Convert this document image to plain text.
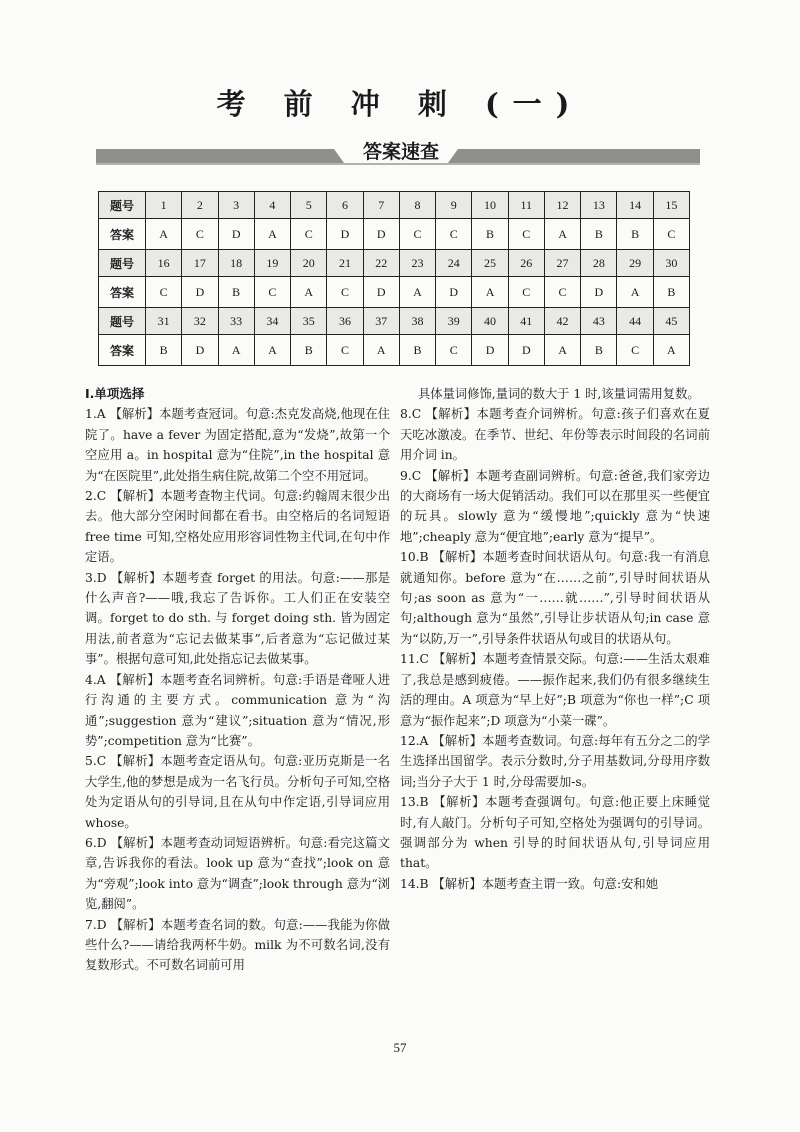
考 前 冲 刺 (一)
答案速查
题号	1	2	3	4	5	6	7	8	9	10	11	12	13	14	15
答案	A	C	D	A	C	D	D	C	C	B	C	A	B	B	C
题号	16	17	18	19	20	21	22	23	24	25	26	27	28	29	30
答案	C	D	B	C	A	C	D	A	D	A	C	C	D	A	B
题号	31	32	33	34	35	36	37	38	39	40	41	42	43	44	45
答案	B	D	A	A	B	C	A	B	C	D	D	A	B	C	A
Ⅰ.单项选择
1.A 【解析】本题考查冠词。句意:杰克发高烧,他现在住院了。have a fever 为固定搭配,意为“发烧”,故第一个空应用 a。in hospital 意为“住院”,in the hospital 意为“在医院里”,此处指生病住院,故第二个空不用冠词。
2.C 【解析】本题考查物主代词。句意:约翰周末很少出去。他大部分空闲时间都在看书。由空格后的名词短语 free time 可知,空格处应用形容词性物主代词,在句中作定语。
3.D 【解析】本题考查 forget 的用法。句意:——那是什么声音?——哦,我忘了告诉你。工人们正在安装空调。forget to do sth. 与 forget doing sth. 皆为固定用法,前者意为“忘记去做某事”,后者意为“忘记做过某事”。根据句意可知,此处指忘记去做某事。
4.A 【解析】本题考查名词辨析。句意:手语是聋哑人进行沟通的主要方式。communication 意为“沟通”;suggestion 意为“建议”;situation 意为“情况,形势”;competition 意为“比赛”。
5.C 【解析】本题考查定语从句。句意:亚历克斯是一名大学生,他的梦想是成为一名飞行员。分析句子可知,空格处为定语从句的引导词,且在从句中作定语,引导词应用 whose。
6.D 【解析】本题考查动词短语辨析。句意:看完这篇文章,告诉我你的看法。look up 意为“查找”;look on 意为“旁观”;look into 意为“调查”;look through 意为“浏览,翻阅”。
7.D 【解析】本题考查名词的数。句意:——我能为你做些什么?——请给我两杯牛奶。milk 为不可数名词,没有复数形式。不可数名词前可用
具体量词修饰,量词的数大于 1 时,该量词需用复数。
8.C 【解析】本题考查介词辨析。句意:孩子们喜欢在夏天吃冰激凌。在季节、世纪、年份等表示时间段的名词前用介词 in。
9.C 【解析】本题考查副词辨析。句意:爸爸,我们家旁边的大商场有一场大促销活动。我们可以在那里买一些便宜的玩具。slowly 意为“缓慢地”;quickly 意为“快速地”;cheaply 意为“便宜地”;early 意为“提早”。
10.B 【解析】本题考查时间状语从句。句意:我一有消息就通知你。before 意为“在……之前”,引导时间状语从句;as soon as 意为“一……就……”,引导时间状语从句;although 意为“虽然”,引导让步状语从句;in case 意为“以防,万一”,引导条件状语从句或目的状语从句。
11.C 【解析】本题考查情景交际。句意:——生活太艰难了,我总是感到疲倦。——振作起来,我们仍有很多继续生活的理由。A 项意为“早上好”;B 项意为“你也一样”;C 项意为“振作起来”;D 项意为“小菜一碟”。
12.A 【解析】本题考查数词。句意:每年有五分之二的学生选择出国留学。表示分数时,分子用基数词,分母用序数词;当分子大于 1 时,分母需要加-s。
13.B 【解析】本题考查强调句。句意:他正要上床睡觉时,有人敲门。分析句子可知,空格处为强调句的引导词。强调部分为 when 引导的时间状语从句,引导词应用 that。
14.B 【解析】本题考查主谓一致。句意:安和她
57
